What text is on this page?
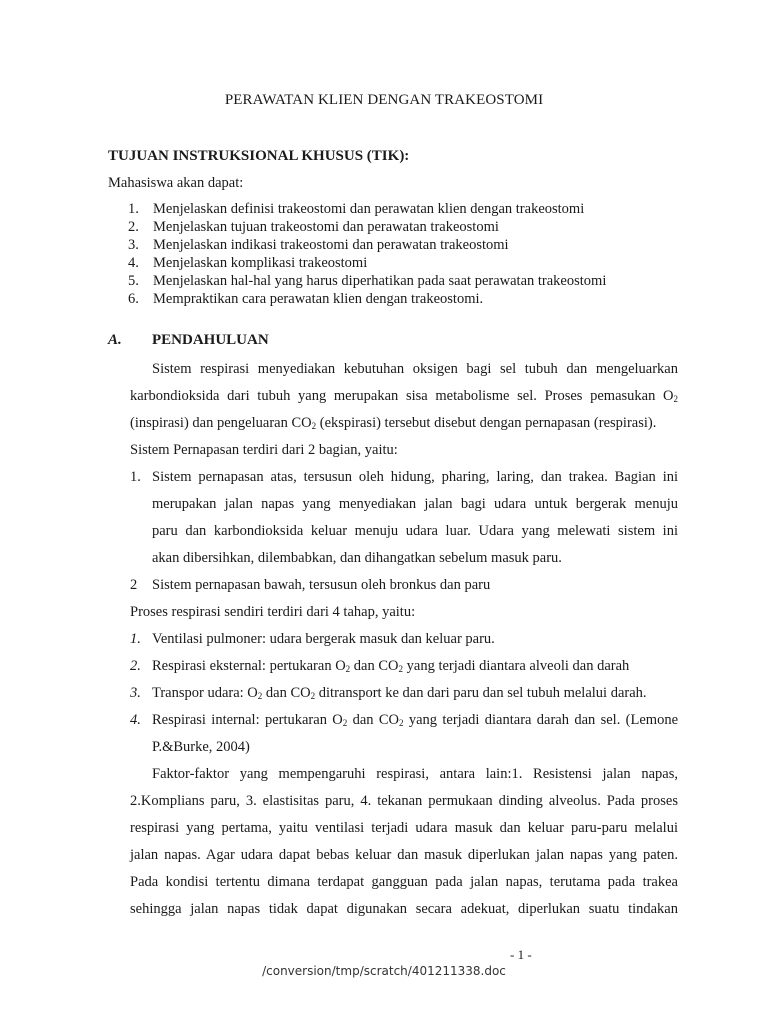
PERAWATAN KLIEN DENGAN TRAKEOSTOMI
TUJUAN INSTRUKSIONAL KHUSUS (TIK):
Mahasiswa akan dapat:
1. Menjelaskan definisi trakeostomi dan perawatan klien dengan trakeostomi
2. Menjelaskan tujuan trakeostomi dan perawatan trakeostomi
3. Menjelaskan indikasi trakeostomi dan perawatan trakeostomi
4. Menjelaskan komplikasi trakeostomi
5. Menjelaskan hal-hal yang harus diperhatikan pada saat perawatan trakeostomi
6. Mempraktikan cara perawatan klien dengan trakeostomi.
A. PENDAHULUAN
Sistem respirasi menyediakan kebutuhan oksigen bagi sel tubuh dan mengeluarkan
karbondioksida dari tubuh yang merupakan sisa metabolisme sel. Proses pemasukan $O_2$
(inspirasi) dan pengeluaran $CO_2$ (ekspirasi) tersebut disebut dengan pernapasan (respirasi).
Sistem Pernapasan terdiri dari 2 bagian, yaitu:
1. Sistem pernapasan atas, tersusun oleh hidung, pharing, laring, dan trakea. Bagian ini
merupakan jalan napas yang menyediakan jalan bagi udara untuk bergerak menuju
paru dan karbondioksida keluar menuju udara luar. Udara yang melewati sistem ini
akan dibersihkan, dilembabkan, dan dihangatkan sebelum masuk paru.
2 Sistem pernapasan bawah, tersusun oleh bronkus dan paru
Proses respirasi sendiri terdiri dari 4 tahap, yaitu:
1. Ventilasi pulmoner: udara bergerak masuk dan keluar paru.
2. Respirasi eksternal: pertukaran $O_2$ dan $CO_2$ yang terjadi diantara alveoli dan darah
3. Transpor udara: $O_2$ dan $CO_2$ ditransport ke dan dari paru dan sel tubuh melalui darah.
4. Respirasi internal: pertukaran $O_2$ dan $CO_2$ yang terjadi diantara darah dan sel. (Lemone
P.&Burke, 2004)
Faktor-faktor yang mempengaruhi respirasi, antara lain:1. Resistensi jalan napas,
2.Komplians paru, 3. elastisitas paru, 4. tekanan permukaan dinding alveolus. Pada proses
respirasi yang pertama, yaitu ventilasi terjadi udara masuk dan keluar paru-paru melalui
jalan napas. Agar udara dapat bebas keluar dan masuk diperlukan jalan napas yang paten.
Pada kondisi tertentu dimana terdapat gangguan pada jalan napas, terutama pada trakea
sehingga jalan napas tidak dapat digunakan secara adekuat, diperlukan suatu tindakan
- 1 -
/conversion/tmp/scratch/401211338.doc
